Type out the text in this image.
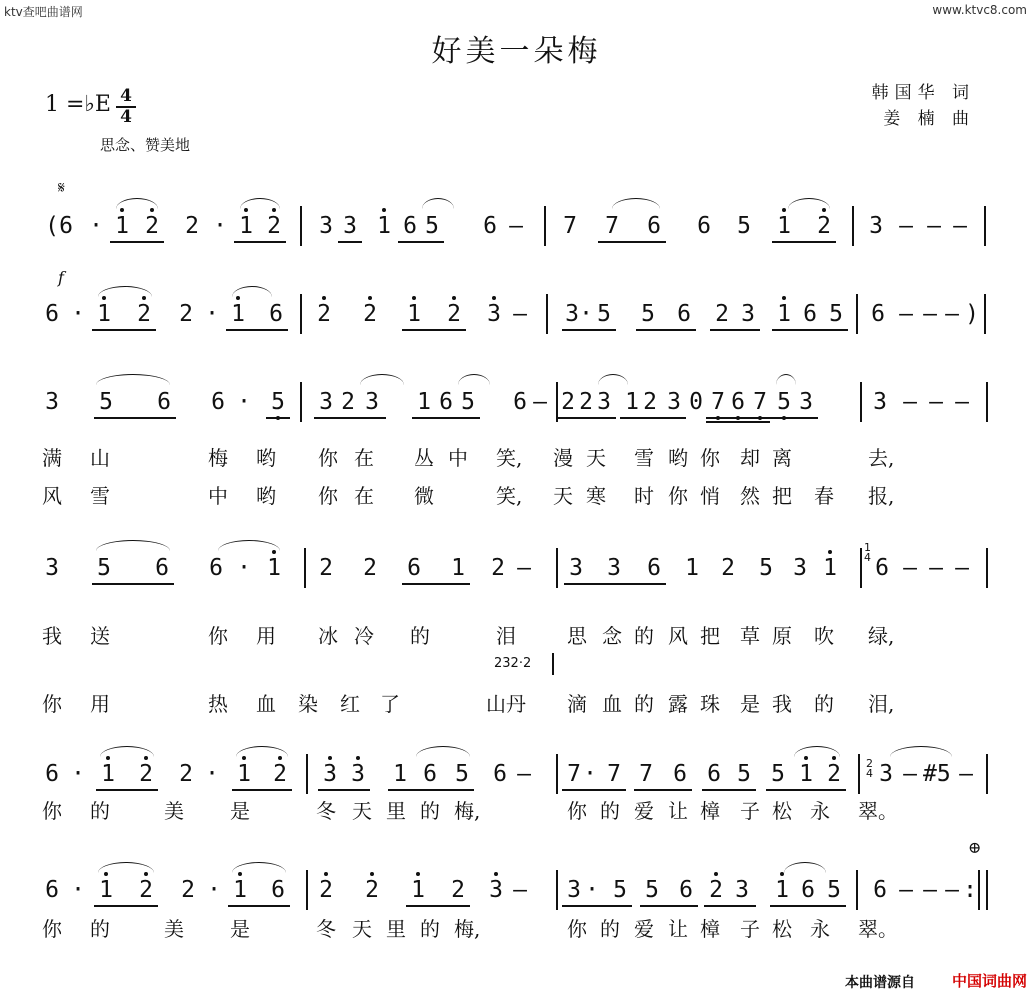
ktv查吧曲谱网	www.ktvc8.com
好美一朵梅
韩国华 词
姜 楠 曲
1 =♭E 4
4
思念、赞美地
𝄋
f
⊕
232·2
1
4
2
4
( 6 · 1 2 2 · 1 2 3 3 1 6 5 6 – 7 7 6 6 5 1 2 3 – – –
6 · 1 2 2 · 1 6 2 2 1 2 3 – 3 · 5 5 6 2 3 1 6 5 6 – – – )
3 5 6 6 · 5 3 2 3 1 6 5 6 – 2 2 3 1 2 3 0 7 6 7 5 3	3 – – –
3 5 6 6 · 1 2 2 6 1 2 – 3 3 6 1 2 5 3 1 6 – – –
6 · 1 2 2 · 1 2 3 3 1 6 5 6 – 7 · 7 7 6 6 5 5 1 2 3 – #5 –
6 · 1 2 2 · 1 6 2 2 1 2 3 – 3 · 5 5 6 2 3 1 6 5 6 – – – :
满 山	梅 哟 你 在 丛 中 笑, 漫 天 雪 哟 你 却 离	去,
风 雪	中 哟 你 在 微	笑, 天 寒 时 你 悄 然 把 春 报,
我 送	你 用 冰 冷 的	泪	思 念 的 风 把 草 原 吹 绿,
你 用	热 血 染 红 了	山丹 滴 血 的 露 珠 是 我 的 泪,
你 的	美 是	冬 天 里 的 梅,	你 的 爱 让 樟 子 松 永 翠。
你 的	美 是	冬 天 里 的 梅,	你 的 爱 让 樟 子 松 永 翠。
本曲谱源自 中国词曲网
